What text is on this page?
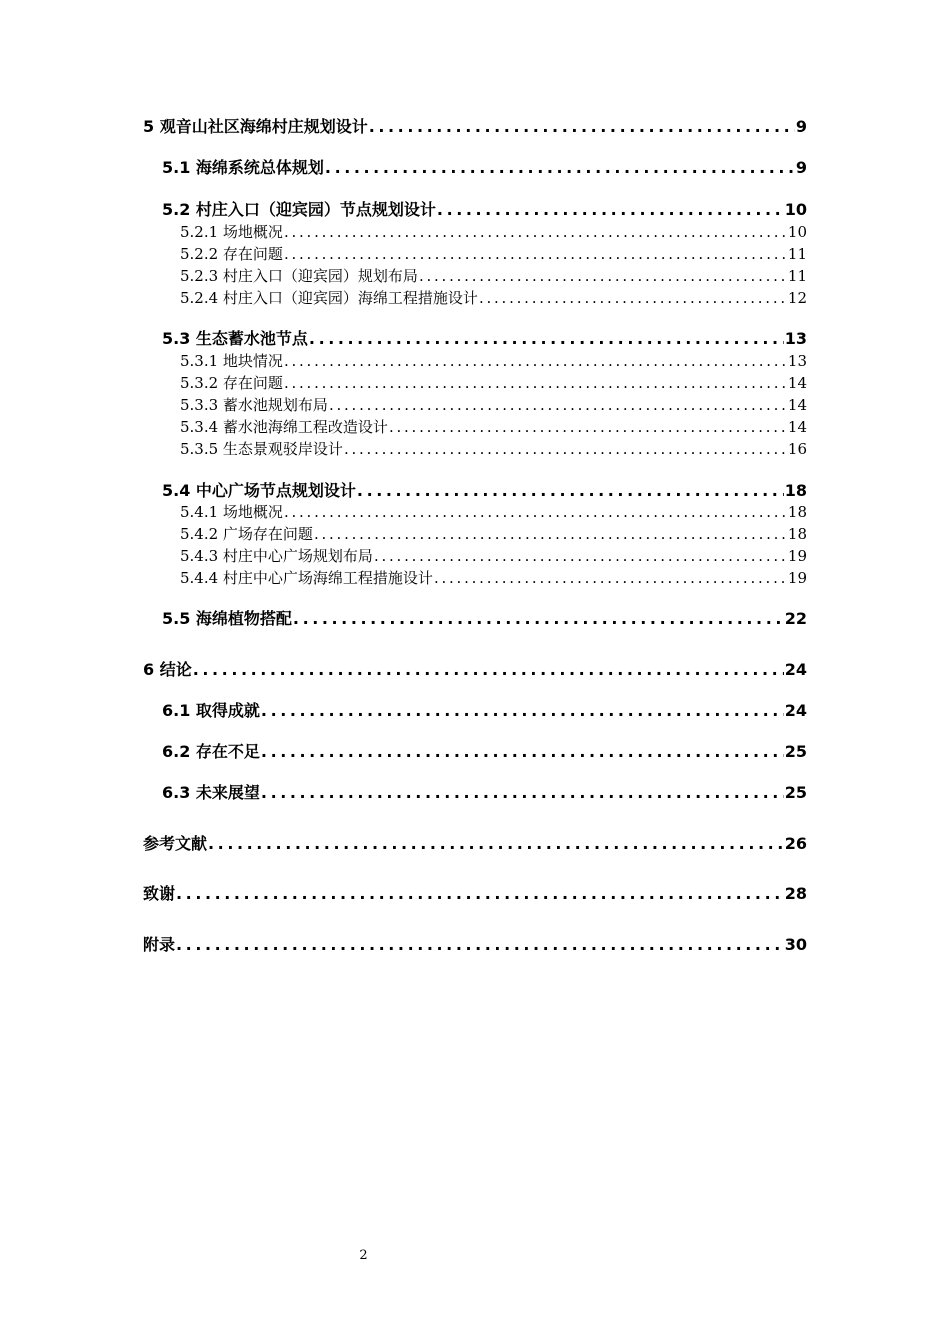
5 观音山社区海绵村庄规划设计 . . .	9
5.1 海绵系统总体规划 . . .	9
5.2 村庄入口（迎宾园）节点规划设计 . . .	10
5.2.1 场地概况 . . .	10
5.2.2 存在问题 . . .	11
5.2.3 村庄入口（迎宾园）规划布局 . . .	11
5.2.4 村庄入口（迎宾园）海绵工程措施设计 . . .	12
5.3 生态蓄水池节点 . . .	13
5.3.1 地块情况 . . .	13
5.3.2 存在问题 . . .	14
5.3.3 蓄水池规划布局 . . .	14
5.3.4 蓄水池海绵工程改造设计 . . .	14
5.3.5 生态景观驳岸设计 . . .	16
5.4 中心广场节点规划设计 . . .	18
5.4.1 场地概况 . . .	18
5.4.2 广场存在问题 . . .	18
5.4.3 村庄中心广场规划布局 . . .	19
5.4.4 村庄中心广场海绵工程措施设计 . . .	19
5.5 海绵植物搭配 . . .	22
6 结论 . . .	24
6.1 取得成就 . . .	24
6.2 存在不足 . . .	25
6.3 未来展望 . . .	25
参考文献 . . .	26
致谢 . . .	28
附录 . . .	30
2
